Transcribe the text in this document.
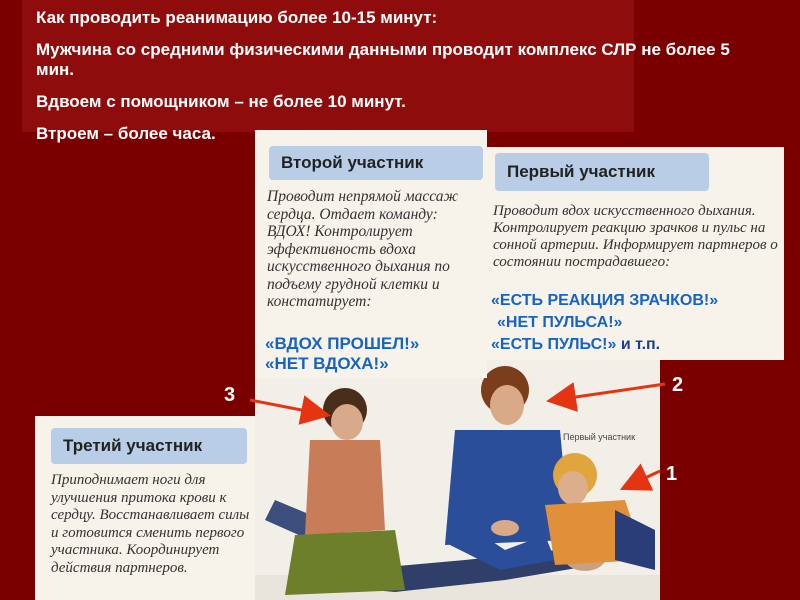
Как проводить реанимацию более 10-15 минут:

Мужчина со средними физическими данными проводит комплекс СЛР не более 5 мин.

Вдвоем с помощником – не более 10 минут.

Втроем – более часа.

Первый участник
Второй участник
Проводит непрямой массаж сердца. Отдает команду: ВДОХ! Контролирует эффективность вдоха искусственного дыхания по подъему грудной клетки и констатирует:
«ВДОХ ПРОШЕЛ!»
«НЕТ ВДОХА!»
Первый участник
Проводит вдох искусственного дыхания. Контролирует реакцию зрачков и пульс на сонной артерии. Информирует партнеров о состоянии пострадавшего:
«ЕСТЬ РЕАКЦИЯ ЗРАЧКОВ!»
«НЕТ ПУЛЬСА!»
«ЕСТЬ ПУЛЬС!» и т.п.
Третий участник
Приподнимает ноги для улучшения притока крови к сердцу. Восстанавливает силы и готовится сменить первого участника. Координирует действия партнеров.
3	2
1
